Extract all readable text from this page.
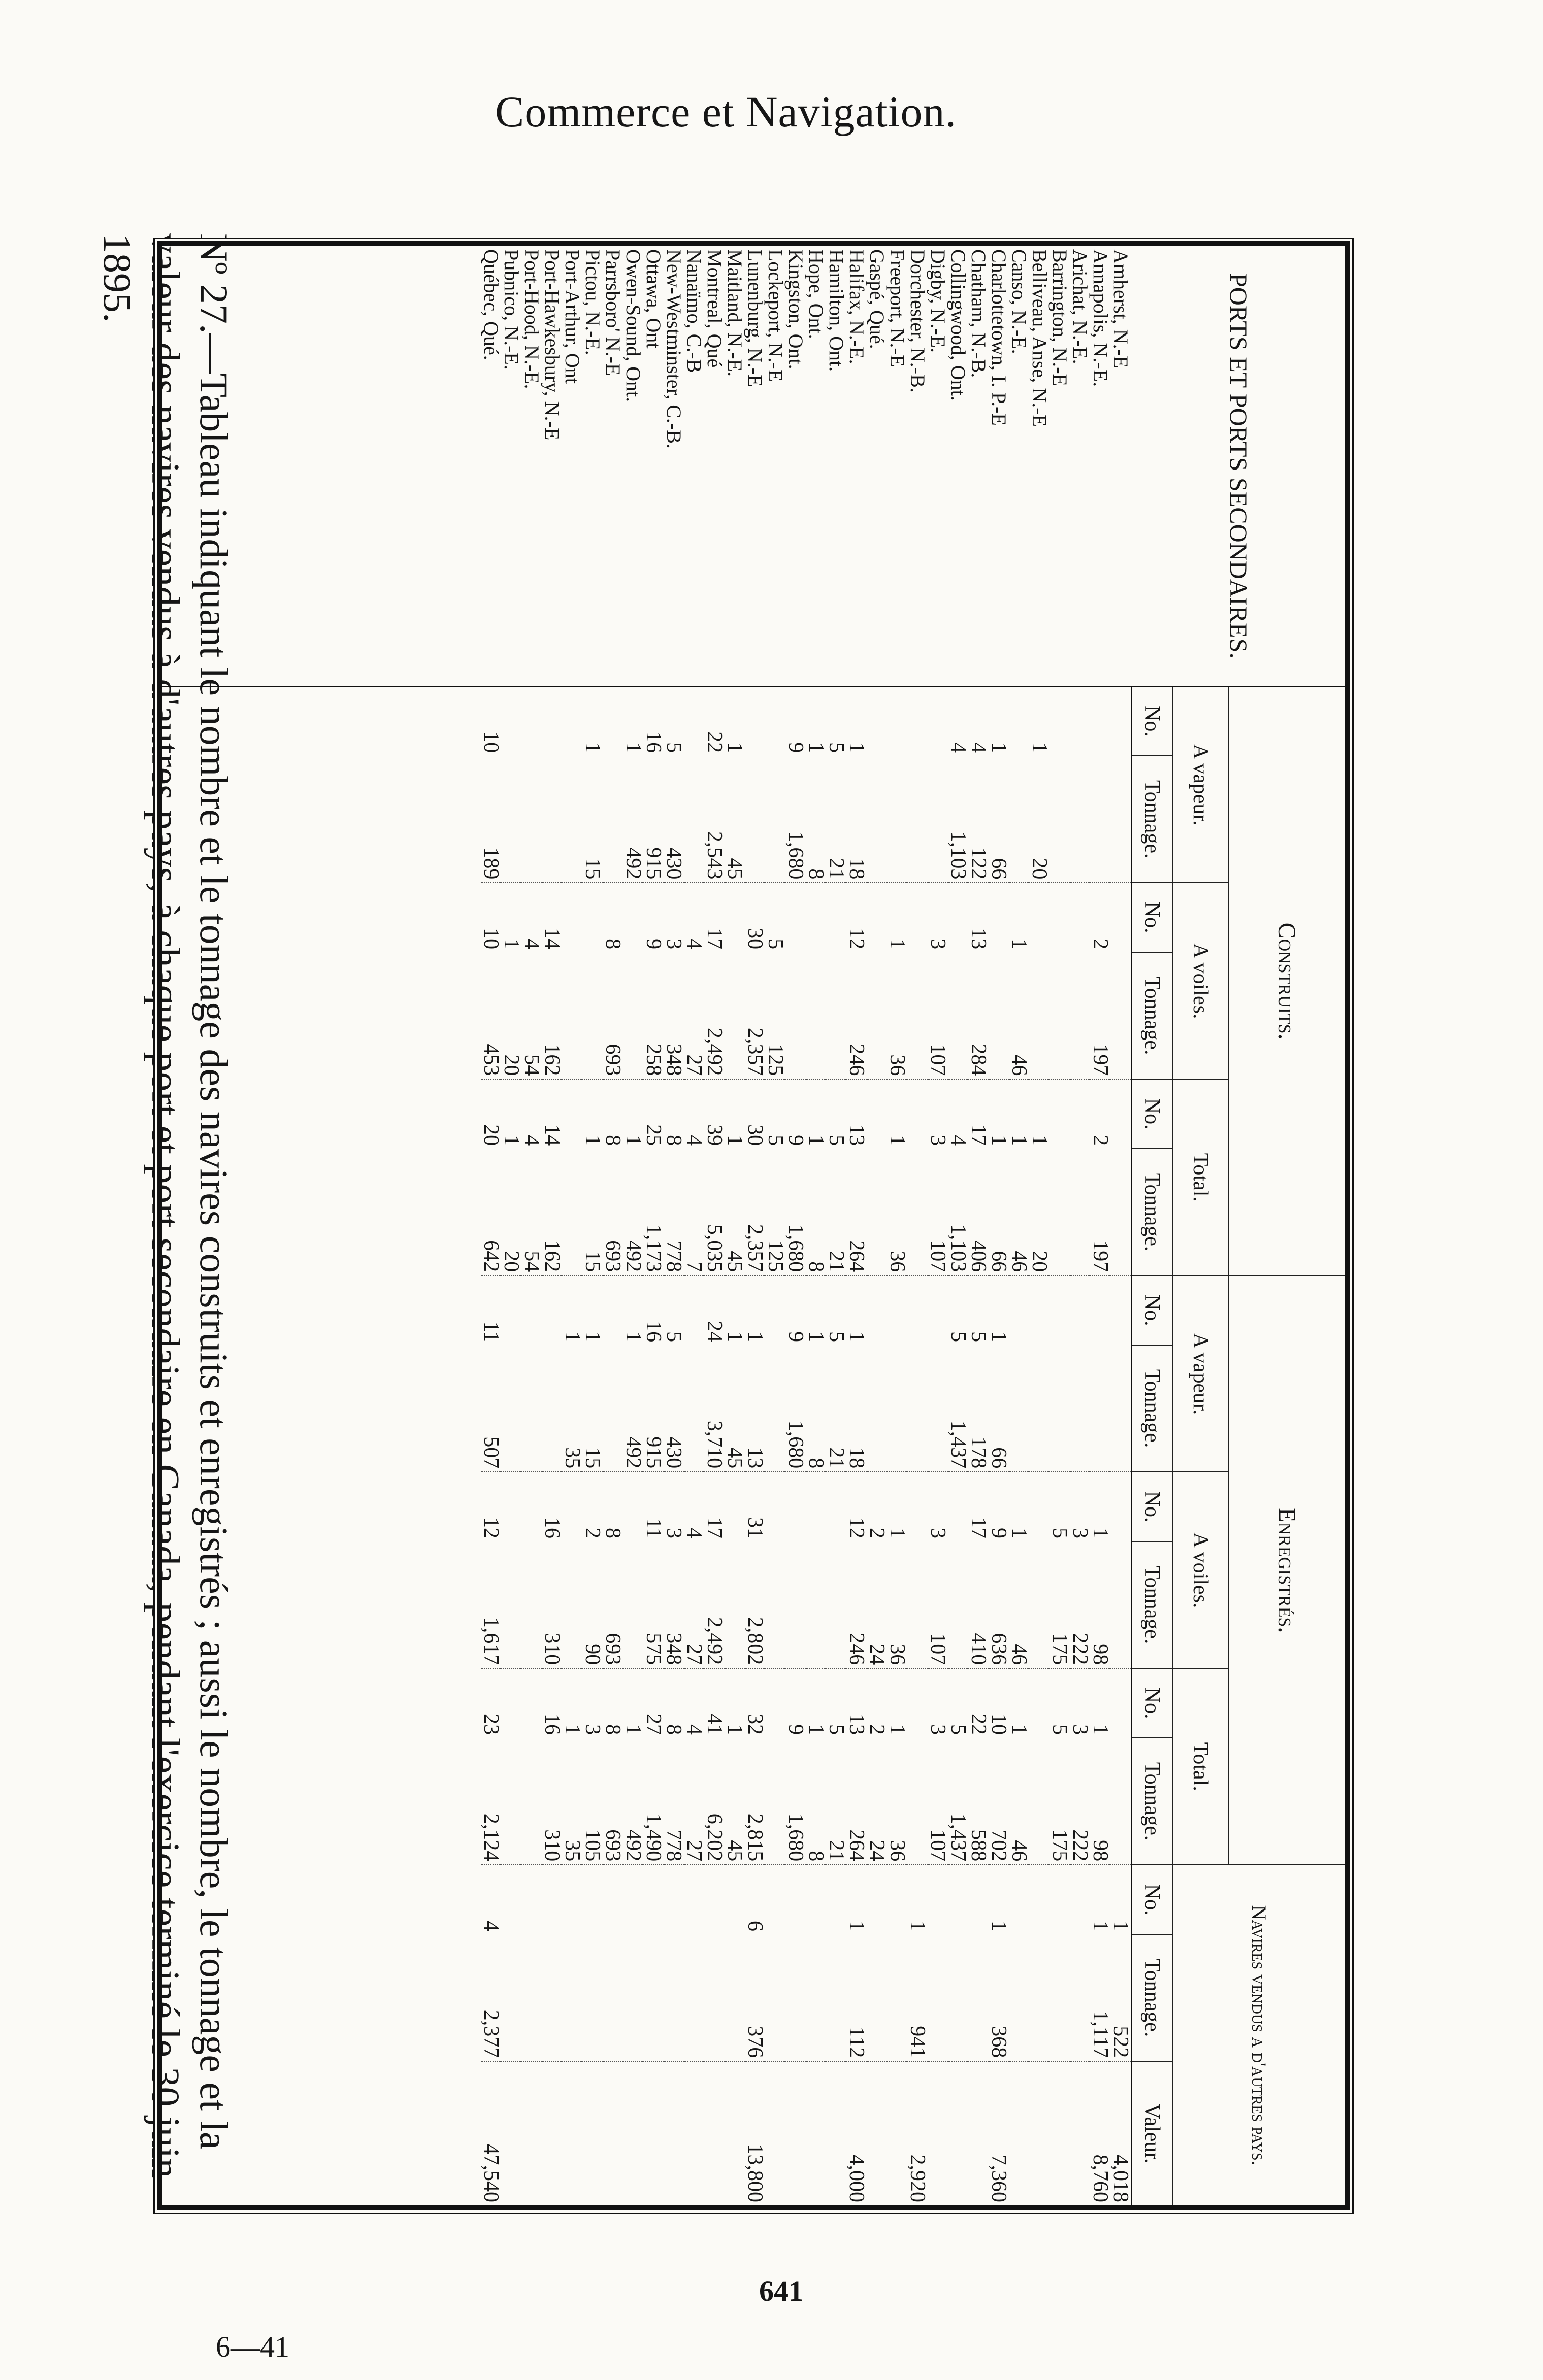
Commerce et Navigation.
Nº 27.—Tableau indiquant le nombre et le tonnage des navires construits et enregistrés ; aussi le nombre, le tonnage et la valeur des navires vendus à d'autres pays, à chaque port et port secondaire en Canada, pendant l'exercice terminé le 30 juin 1895.	PORTS ET PORTS SECONDAIRES.	Construits.						Enregistrés.						Navires vendus a d'autres pays.		
	A vapeur.		A voiles.		Total.		A vapeur.		A voiles.		Total.				
	No.	Tonnage.	No.	Tonnage.	No.	Tonnage.	No.	Tonnage.	No.	Tonnage.	No.	Tonnage.	No.	Tonnage.	Valeur.
Amherst, N.-E													1	522	4,018
Annapolis, N.-E.			2	197	2	197			1	98	1	98	1	1,117	8,760
Arichat, N.-E.									3	222	3	222			
Barrington, N.-E									5	175	5	175			
Belliveau, Anse, N.-E	1	20			1	20									
Canso, N.-E.			1	46	1	46			1	46	1	46			
Charlottetown, I. P.-E	1	66			1	66	1	66	9	636	10	702	1	368	7,360
Chatham, N.-B.	4	122	13	284	17	406	5	178	17	410	22	588			
Collingwood, Ont.	4	1,103			4	1,103	5	1,437			5	1,437			
Digby, N.-E.			3	107	3	107			3	107	3	107			
Dorchester, N.-B.													1	941	2,920
Freeport, N.-E			1	36	1	36			1	36	1	36			
Gaspé, Qué.									2	24	2	24			
Halifax, N.-E.	1	18	12	246	13	264	1	18	12	246	13	264	1	112	4,000
Hamilton, Ont.	5	21			5	21	5	21			5	21			
Hope, Ont.	1	8			1	8	1	8			1	8			
Kingston, Ont.	9	1,680			9	1,680	9	1,680			9	1,680			
Lockeport, N.-E			5	125	5	125									
Lunenburg, N.-E			30	2,357	30	2,357	1	13	31	2,802	32	2,815	6	376	13,800
Maitland, N.-E.	1	45			1	45	1	45			1	45			
Montreal, Qué	22	2,543	17	2,492	39	5,035	24	3,710	17	2,492	41	6,202			
Nanaïmo, C.-B			4	27	4	7			4	27	4	27			
New-Westminster, C.-B.	5	430	3	348	8	778	5	430	3	348	8	778			
Ottawa, Ont	16	915	9	258	25	1,173	16	915	11	575	27	1,490			
Owen-Sound, Ont.	1	492			1	492	1	492			1	492			
Parrsboro' N.-E			8	693	8	693			8	693	8	693			
Pictou, N.-E.	1	15			1	15	1	15	2	90	3	105			
Port-Arthur, Ont							1	35			1	35			
Port-Hawkesbury, N.-E			14	162	14	162			16	310	16	310			
Port-Hood, N.-E.			4	54	4	54									
Pubnico, N.-E.			1	20	1	20									
Québec, Qué.	10	189	10	453	20	642	11	507	12	1,617	23	2,124	4	2,377	47,540

641
6—41
